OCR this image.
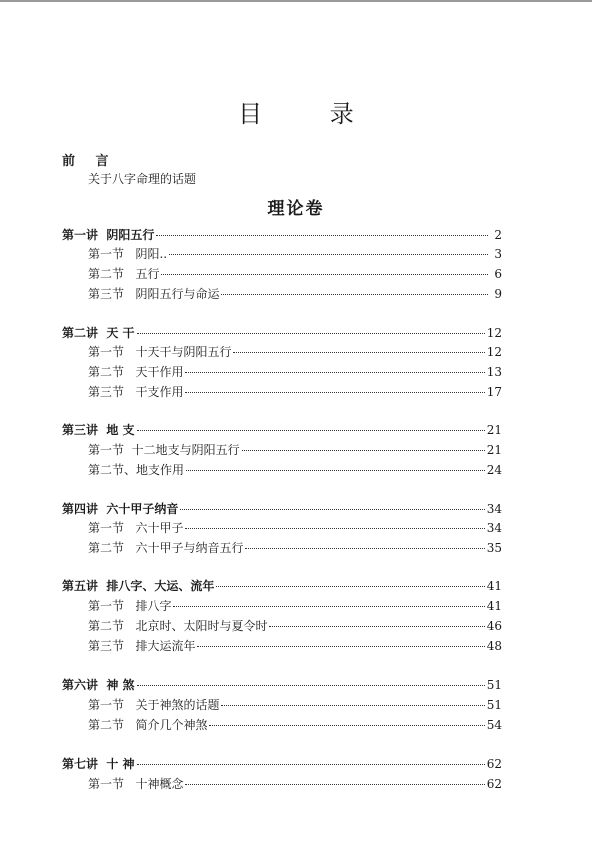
目 录
前 言
关于八字命理的话题
理论卷
第一讲  阴阳五行	2
第一节   阴阳..	3
第二节   五行	6
第三节   阴阳五行与命运	9
第二讲  天 干	12
第一节   十天干与阴阳五行	12
第二节   天干作用	13
第三节   干支作用	17
第三讲  地 支	21
第一节  十二地支与阴阳五行	21
第二节、地支作用	24
第四讲  六十甲子纳音	34
第一节   六十甲子	34
第二节   六十甲子与纳音五行	35
第五讲  排八字、大运、流年	41
第一节   排八字	41
第二节   北京时、太阳时与夏令时	46
第三节   排大运流年	48
第六讲  神 煞	51
第一节   关于神煞的话题	51
第二节   简介几个神煞	54
第七讲  十 神	62
第一节   十神概念	62
